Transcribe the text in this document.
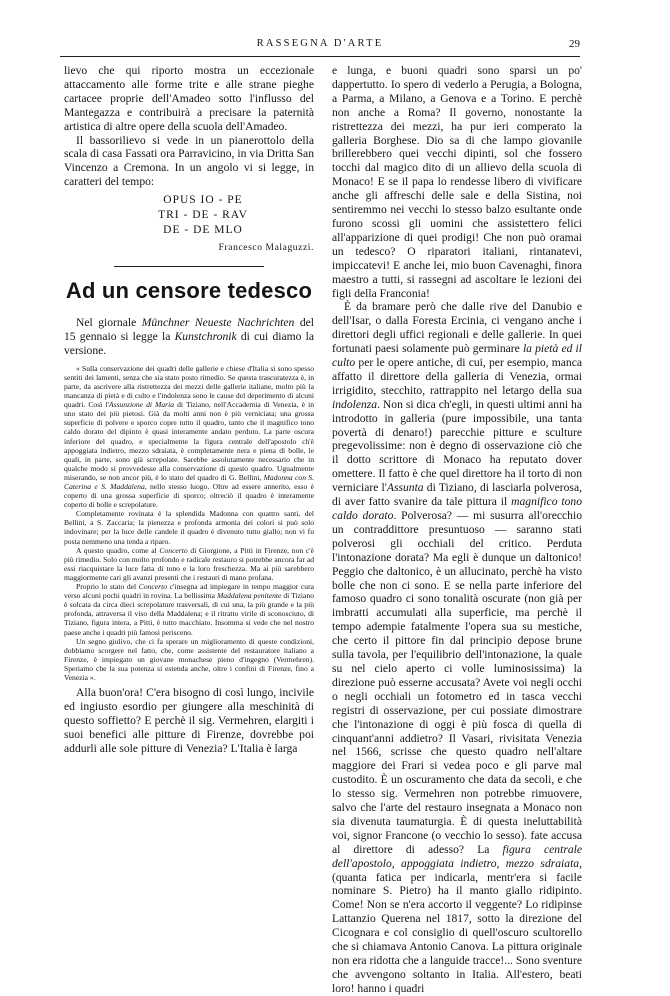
RASSEGNA D'ARTE	29

lievo che qui riporto mostra un eccezionale attaccamento alle forme trite e alle strane pieghe cartacee proprie dell'Amadeo sotto l'influsso del Mantegazza e contribuirà a precisare la paternità artistica di altre opere della scuola dell'Amadeo.

Il bassorilievo si vede in un pianerottolo della scala di casa Fassati ora Parravicino, in via Dritta San Vincenzo a Cremona. In un angolo vi si legge, in caratteri del tempo:

OPUS IO - PE
TRI - DE - RAV
DE - DE MLO

Francesco Malaguzzi.

Ad un censore tedesco

Nel giornale Münchner Neueste Nachrichten del 15 gennaio si legge la Kunstchronik di cui diamo la versione.

« Sulla conservazione dei quadri delle gallerie e chiese d'Italia si sono spesso sentiti dei lamenti, senza che sia stato posto rimedio. Se questa trascuratezza è, in parte, da ascrivere alla ristrettezza dei mezzi delle gallerie italiane, molto più la mancanza di pietà e di culto e l'indolenza sono le cause del deperimento di alcuni quadri. Così l'Assunzione di Maria di Tiziano, nell'Accademia di Venezia, è in uno stato dei più pietosi. Già da molti anni non è più verniciata; una grossa superficie di polvere e sporco copre tutto il quadro, tanto che il magnifico tono caldo dorato del dipinto è quasi interamente andato perduto. La parte oscura inferiore del quadro, e specialmente la figura centrale dell'apostolo ch'è appoggiata indietro, mezzo sdraiata, è completamente nera e piena di bolle, le quali, in parte, sono già screpolate. Sarebbe assolutamente necessario che in qualche modo si provvedesse alla conservazione di questo quadro. Ugualmente miserando, se non ancor più, è lo stato del quadro di G. Bellini, Madonna con S. Caterina e S. Maddalena, nello stesso luogo. Oltre ad essere annerito, esso è coperto di una grossa superficie di sporco; oltreciò il quadro è interamente coperto di bolle e screpolature.

Completamente rovinata è la splendida Madonna con quattro santi, del Bellini, a S. Zaccaria; la pienezza e profonda armonia dei colori si può solo indovinare; per la luce delle candele il quadro è divenuto tutto giallo; non vi fu posta nemmeno una tenda a riparo.

A questo quadro, come al Concerto di Giorgione, a Pitti in Firenze, non c'è più rimedio. Solo con molto profondo e radicale restauro si potrebbe ancora far ad essi riacquistare la luce fatta di tono e la loro freschezza. Ma ai più sarebbero maggiormente cari gli avanzi presenti che i restauri di mano profana.

Proprio lo stato del Concerto c'insegna ad impiegare in tempo maggior cura verso alcuni pochi quadri in rovina. La bellissima Maddalena penitente di Tiziano è solcata da circa dieci screpolature trasversali, di cui una, la più grande e la più profonda, attraversa il viso della Maddalena; e il ritratto virile di sconosciuto, di Tiziano, figura intera, a Pitti, è tutto macchiato. Insomma si vede che nel nostro paese anche i quadri più famosi perisceno.

Un segno giulivo, che ci fa sperare un miglioramento di queste condizioni, dobbiamo scorgere nel fatto, che, come assistente del restauratore italiano a Firenze, è impiegato un giovane monachese pieno d'ingegno (Vermehren). Speriamo che la sua potenza si estenda anche, oltre i confini di Firenze, fino a Venezia ».

Alla buon'ora! C'era bisogno di così lungo, incivile ed ingiusto esordio per giungere alla meschinità di questo soffietto? E perchè il sig. Vermehren, elargiti i suoi benefici alle pitture di Firenze, dovrebbe poi addurli alle sole pitture di Venezia? L'Italia è larga

e lunga, e buoni quadri sono sparsi un po' dappertutto. Io spero di vederlo a Perugia, a Bologna, a Parma, a Milano, a Genova e a Torino. E perchè non anche a Roma? Il governo, nonostante la ristrettezza dei mezzi, ha pur ieri comperato la galleria Borghese. Dio sa di che lampo giovanile brillerebbero quei vecchi dipinti, sol che fossero tocchi dal magico dito di un allievo della scuola di Monaco! E se il papa lo rendesse libero di vivificare anche gli affreschi delle sale e della Sistina, noi sentiremmo nei vecchi lo stesso balzo esultante onde furono scossi gli uomini che assistettero felici all'apparizione di quei prodigi! Che non può oramai un tedesco? O riparatori italiani, rintanatevi, impiccatevi! E anche lei, mio buon Cavenaghi, finora maestro a tutti, si rassegni ad ascoltare le lezioni dei figli della Franconia!

È da bramare però che dalle rive del Danubio e dell'Isar, o dalla Foresta Ercinia, ci vengano anche i direttori degli uffici regionali e delle gallerie. In quei fortunati paesi solamente può germinare la pietà ed il culto per le opere antiche, di cui, per esempio, manca affatto il direttore della galleria di Venezia, ormai irrigidito, stecchito, rattrappito nel letargo della sua indolenza. Non si dica ch'egli, in questi ultimi anni ha introdotto in galleria (pure impossibile, una tanta povertà di denaro!) parecchie pitture e sculture pregevolissime: non è degno di osservazione ciò che il dotto scrittore di Monaco ha reputato dover omettere. Il fatto è che quel direttore ha il torto di non verniciare l'Assunta di Tiziano, di lasciarla polverosa, di aver fatto svanire da tale pittura il magnifico tono caldo dorato. Polverosa? — mi susurra all'orecchio un contraddittore presuntuoso — saranno stati polverosi gli occhiali del critico. Perduta l'intonazione dorata? Ma egli è dunque un daltonico! Peggio che daltonico, è un allucinato, perchè ha visto bolle che non ci sono. E se nella parte inferiore del famoso quadro ci sono tonalità oscurate (non già per imbratti accumulati alla superficie, ma perchè il tempo adempie fatalmente l'opera sua su mestiche, che certo il pittore fin dal principio depose brune sulla tavola, per l'equilibrio dell'intonazione, la quale su nel cielo aperto ci volle luminosissima) la direzione può esserne accusata? Avete voi negli occhi o negli occhiali un fotometro ed in tasca vecchi registri di osservazione, per cui possiate dimostrare che l'intonazione di oggi è più fosca di quella di cinquant'anni addietro? Il Vasari, rivisitata Venezia nel 1566, scrisse che questo quadro nell'altare maggiore dei Frari si vedea poco e gli parve mal custodito. È un oscuramento che data da secoli, e che lo stesso sig. Vermehren non potrebbe rimuovere, salvo che l'arte del restauro insegnata a Monaco non sia divenuta taumaturgia. È di questa ineluttabilità voi, signor Francone (o vecchio lo sesso). fate accusa al direttore di adesso? La figura centrale dell'apostolo, appoggiata indietro, mezzo sdraiata, (quanta fatica per indicarla, mentr'era si facile nominare S. Pietro) ha il manto giallo ridipinto. Come! Non se n'era accorto il veggente? Lo ridipinse Lattanzio Querena nel 1817, sotto la direzione del Cicognara e col consiglio di quell'oscuro scultorello che si chiamava Antonio Canova. La pittura originale non era ridotta che a languide tracce!... Sono sventure che avvengono soltanto in Italia. All'estero, beati loro! hanno i quadri
